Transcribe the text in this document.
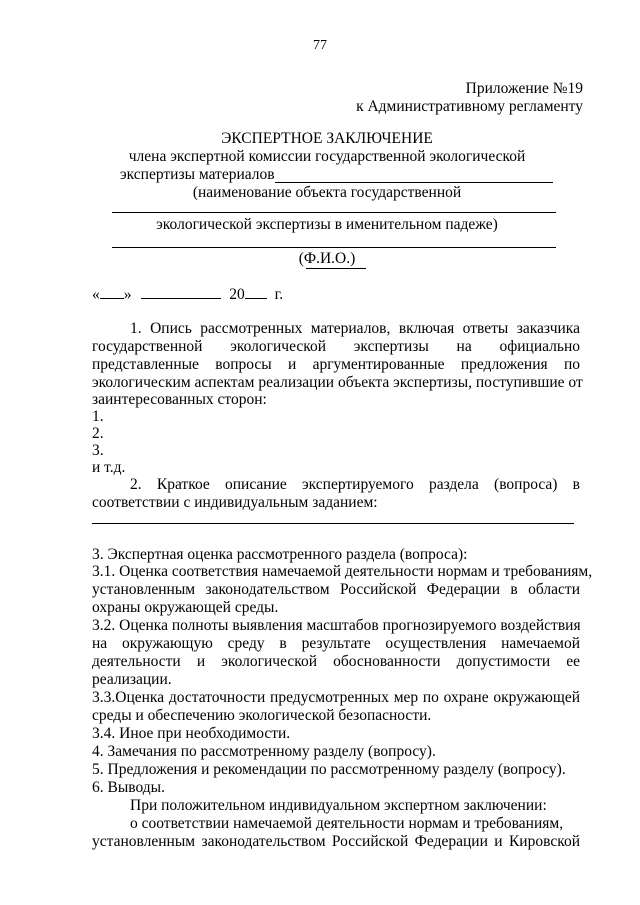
77
Приложение №19
к Административному регламенту
ЭКСПЕРТНОЕ ЗАКЛЮЧЕНИЕ
члена экспертной комиссии государственной экологической
экспертизы материалов
(наименование объекта государственной
экологической экспертизы в именительном падеже)
(Ф.И.О.)
« »	20 г.
1. Опись рассмотренных материалов, включая ответы заказчика
государственной экологической экспертизы на официально
представленные вопросы и аргументированные предложения по
экологическим аспектам реализации объекта экспертизы, поступившие от
заинтересованных сторон:
1.
2.
3.
и т.д.
2. Краткое описание экспертируемого раздела (вопроса) в
соответствии с индивидуальным заданием:
3. Экспертная оценка рассмотренного раздела (вопроса):
3.1. Оценка соответствия намечаемой деятельности нормам и требованиям,
установленным законодательством Российской Федерации в области
охраны окружающей среды.
3.2. Оценка полноты выявления масштабов прогнозируемого воздействия
на окружающую среду в результате осуществления намечаемой
деятельности и экологической обоснованности допустимости ее
реализации.
3.3.Оценка достаточности предусмотренных мер по охране окружающей
среды и обеспечению экологической безопасности.
3.4. Иное при необходимости.
4. Замечания по рассмотренному разделу (вопросу).
5. Предложения и рекомендации по рассмотренному разделу (вопросу).
6. Выводы.
При положительном индивидуальном экспертном заключении:
о соответствии намечаемой деятельности нормам и требованиям,
установленным законодательством Российской Федерации и Кировской
